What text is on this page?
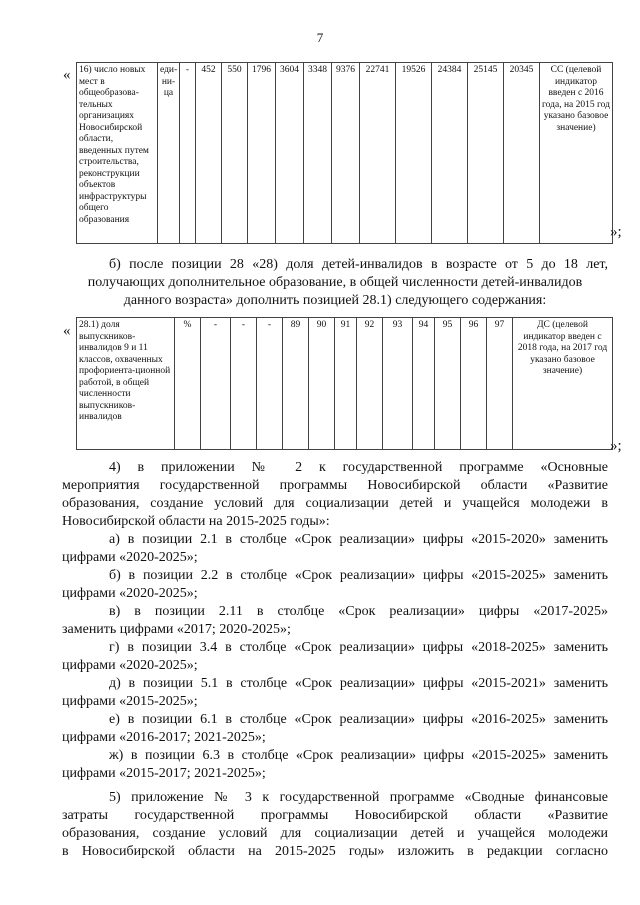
7
« 16) число новых мест в общеобразова-тельных организациях Новосибирской области, введенных путем строительства, реконструкции объектов инфраструктуры общего образования	еди-ни-ца	-	452	550	1796	3604	3348	9376	22741	19526	24384	25145	20345	СС (целевой индикатор введен с 2016 года, на 2015 год указано базовое значение)
»;
б) после позиции 28 «28) доля детей-инвалидов в возрасте от 5 до 18 лет,
получающих дополнительное образование, в общей численности детей-инвалидов
данного возраста» дополнить позицией 28.1) следующего содержания:
« 28.1) доля выпускников-инвалидов 9 и 11 классов, охваченных профориента-ционной работой, в общей численности выпускников-инвалидов	%	-	-	-	89	90	91	92	93	94	95	96	97	ДС (целевой индикатор введен с 2018 года, на 2017 год указано базовое значение)
»;
4) в приложении № 2 к государственной программе «Основные
мероприятия государственной программы Новосибирской области «Развитие
образования, создание условий для социализации детей и учащейся молодежи в
Новосибирской области на 2015-2025 годы»:
а) в позиции 2.1 в столбце «Срок реализации» цифры «2015-2020» заменить
цифрами «2020-2025»;
б) в позиции 2.2 в столбце «Срок реализации» цифры «2015-2025» заменить
цифрами «2020-2025»;
в) в позиции 2.11 в столбце «Срок реализации» цифры «2017-2025»
заменить цифрами «2017; 2020-2025»;
г) в позиции 3.4 в столбце «Срок реализации» цифры «2018-2025» заменить
цифрами «2020-2025»;
д) в позиции 5.1 в столбце «Срок реализации» цифры «2015-2021» заменить
цифрами «2015-2025»;
е) в позиции 6.1 в столбце «Срок реализации» цифры «2016-2025» заменить
цифрами «2016-2017; 2021-2025»;
ж) в позиции 6.3 в столбце «Срок реализации» цифры «2015-2025» заменить
цифрами «2015-2017; 2021-2025»;
5) приложение № 3 к государственной программе «Сводные финансовые
затраты государственной программы Новосибирской области «Развитие
образования, создание условий для социализации детей и учащейся молодежи
в Новосибирской области на 2015-2025 годы» изложить в редакции согласно
